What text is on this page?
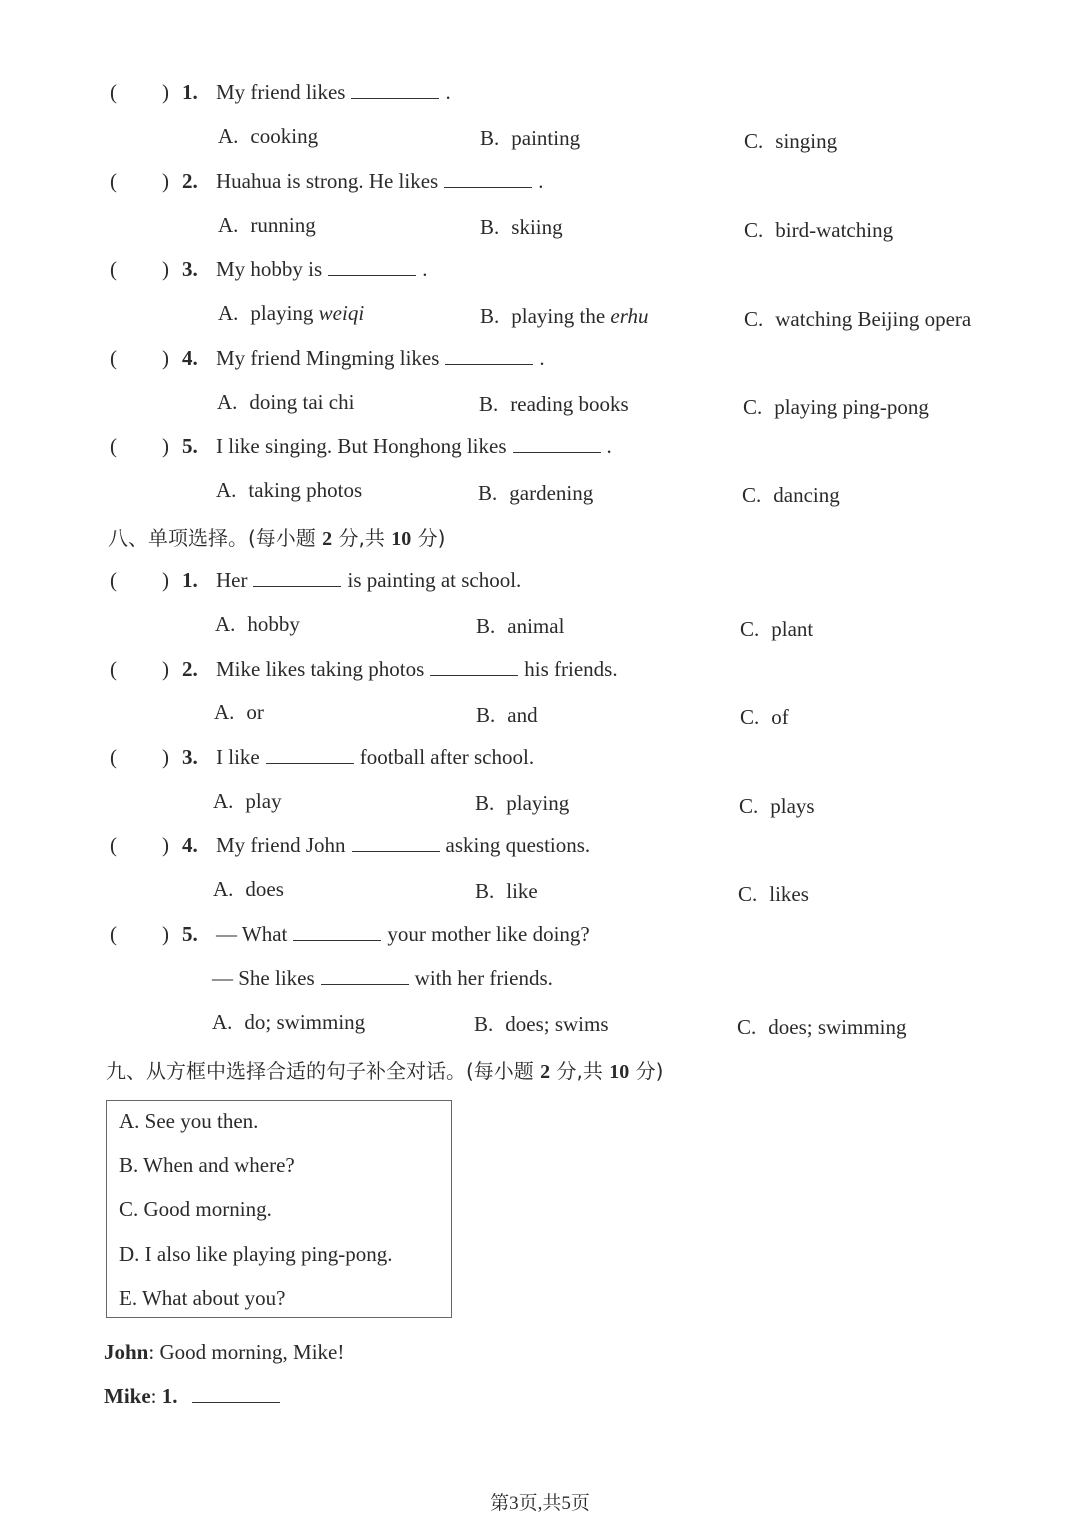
( ) 1. My friend likes	.
A. cooking	B. painting	C. singing
( ) 2. Huahua is strong. He likes	.
A. running	B. skiing	C. bird-watching
( ) 3. My hobby is	.
A. playing weiqi	B. playing the erhu	C. watching Beijing opera
( ) 4. My friend Mingming likes	.
A. doing tai chi	B. reading books	C. playing ping-pong
( ) 5. I like singing. But Honghong likes	.
A. taking photos	B. gardening	C. dancing
八、单项选择。(每小题 2 分,共 10 分)
( ) 1. Her	is painting at school.
A. hobby	B. animal	C. plant
( ) 2. Mike likes taking photos	his friends.
A. or	B. and	C. of
( ) 3. I like	football after school.
A. play	B. playing	C. plays
( ) 4. My friend John	asking questions.
A. does	B. like	C. likes
( ) 5. — What	your mother like doing?
— She likes	with her friends.
A. do; swimming	B. does; swims	C. does; swimming
九、从方框中选择合适的句子补全对话。(每小题 2 分,共 10 分)
A. See you then.
B. When and where?
C. Good morning.
D. I also like playing ping-pong.
E. What about you?
John: Good morning, Mike!
Mike: 1.
第3页,共5页
